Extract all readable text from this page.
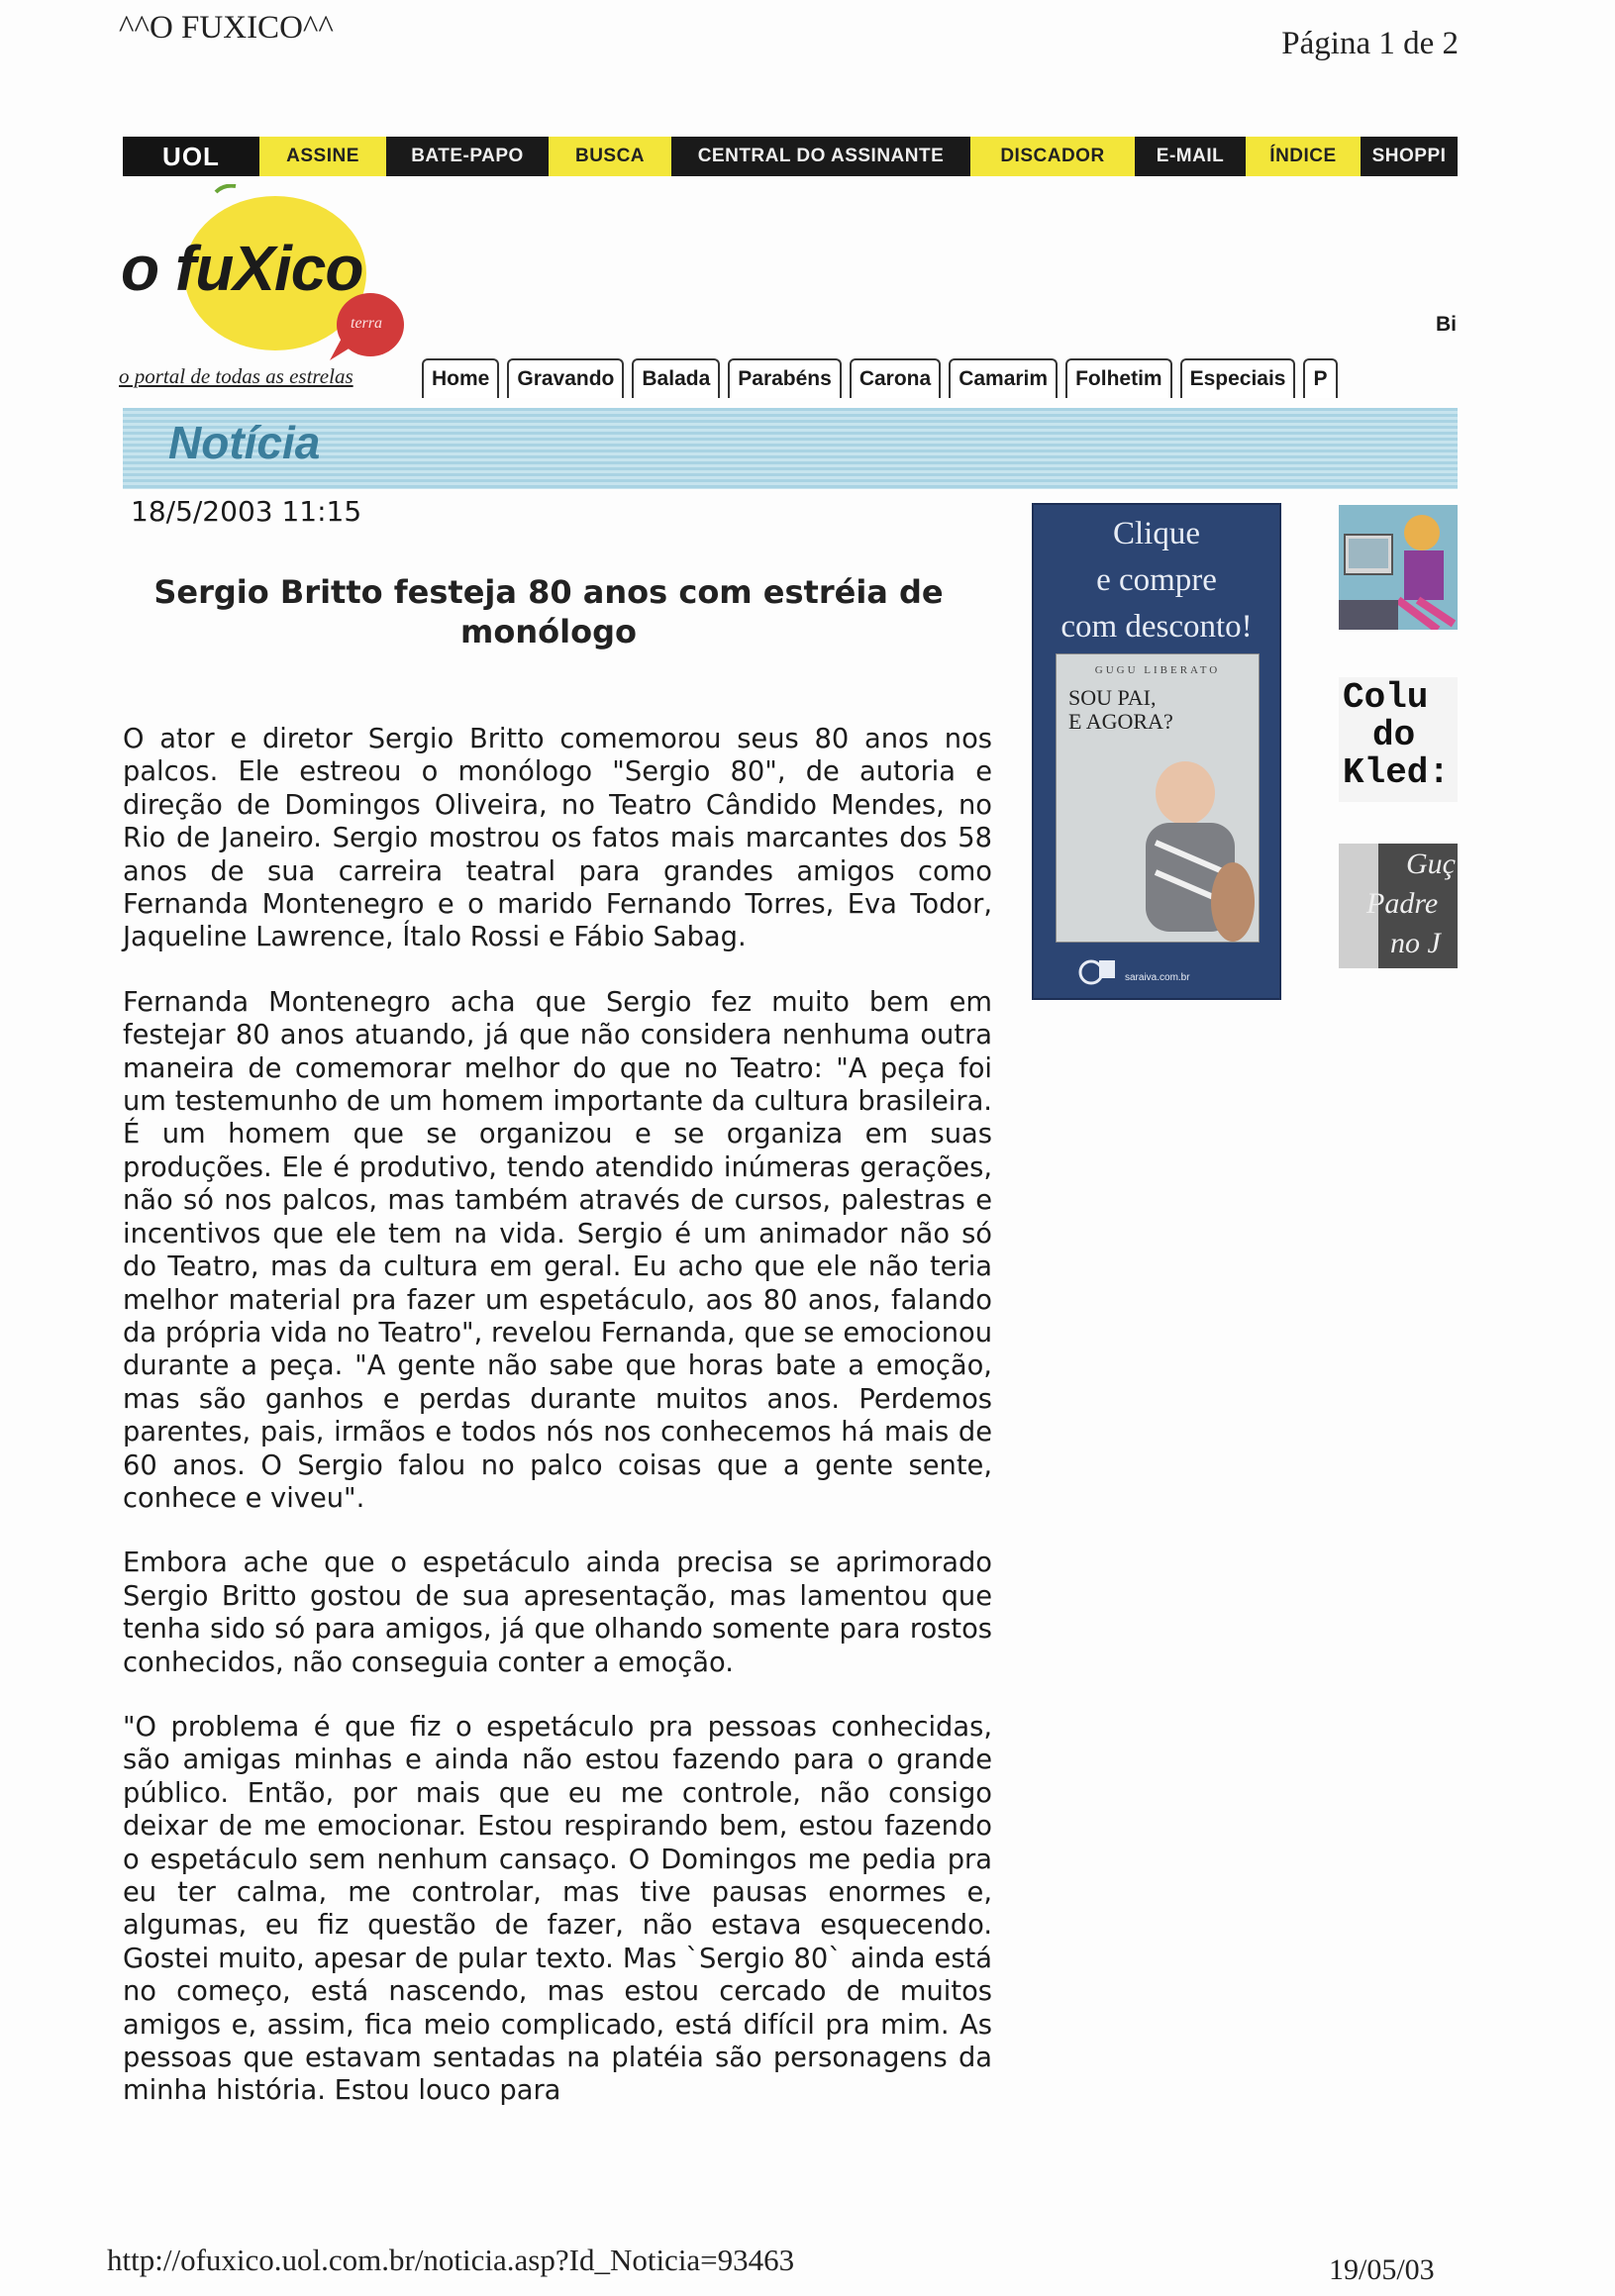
^^O FUXICO^^	Página 1 de 2
UOL	ASSINE	BATE-PAPO	BUSCA	CENTRAL DO ASSINANTE	DISCADOR	E-MAIL ÍNDICE SHOPPI
o fuXico
terra
o portal de todas as estrelas
Bi
Home Gravando Balada Parabéns Carona Camarim Folhetim Especiais P
Notícia
18/5/2003 11:15
Sergio Britto festeja 80 anos com estréia de
monólogo

O ator e diretor Sergio Britto comemorou seus 80 anos nos palcos. Ele estreou o monólogo "Sergio 80", de autoria e direção de Domingos Oliveira, no Teatro Cândido Mendes, no Rio de Janeiro. Sergio mostrou os fatos mais marcantes dos 58 anos de sua carreira teatral para grandes amigos como Fernanda Montenegro e o marido Fernando Torres, Eva Todor, Jaqueline Lawrence, Ítalo Rossi e Fábio Sabag.

Fernanda Montenegro acha que Sergio fez muito bem em festejar 80 anos atuando, já que não considera nenhuma outra maneira de comemorar melhor do que no Teatro: "A peça foi um testemunho de um homem importante da cultura brasileira. É um homem que se organizou e se organiza em suas produções. Ele é produtivo, tendo atendido inúmeras gerações, não só nos palcos, mas também através de cursos, palestras e incentivos que ele tem na vida. Sergio é um animador não só do Teatro, mas da cultura em geral. Eu acho que ele não teria melhor material pra fazer um espetáculo, aos 80 anos, falando da própria vida no Teatro", revelou Fernanda, que se emocionou durante a peça. "A gente não sabe que horas bate a emoção, mas são ganhos e perdas durante muitos anos. Perdemos parentes, pais, irmãos e todos nós nos conhecemos há mais de 60 anos. O Sergio falou no palco coisas que a gente sente, conhece e viveu".

Embora ache que o espetáculo ainda precisa se aprimorado Sergio Britto gostou de sua apresentação, mas lamentou que tenha sido só para amigos, já que olhando somente para rostos conhecidos, não conseguia conter a emoção.

"O problema é que fiz o espetáculo pra pessoas conhecidas, são amigas minhas e ainda não estou fazendo para o grande público. Então, por mais que eu me controle, não consigo deixar de me emocionar. Estou respirando bem, estou fazendo o espetáculo sem nenhum cansaço. O Domingos me pedia pra eu ter calma, me controlar, mas tive pausas enormes e, algumas, eu fiz questão de fazer, não estava esquecendo. Gostei muito, apesar de pular texto. Mas `Sergio 80` ainda está no começo, está nascendo, mas estou cercado de muitos amigos e, assim, fica meio complicado, está difícil pra mim. As pessoas que estavam sentadas na platéia são personagens da minha história. Estou louco para

Clique
e compre
com desconto!
GUGU LIBERATO
SOU PAI,
E AGORA?
saraiva.com.br
Colu
do
Kled:
Guç
Padre
no J
http://ofuxico.uol.com.br/noticia.asp?Id_Noticia=93463	19/05/03
